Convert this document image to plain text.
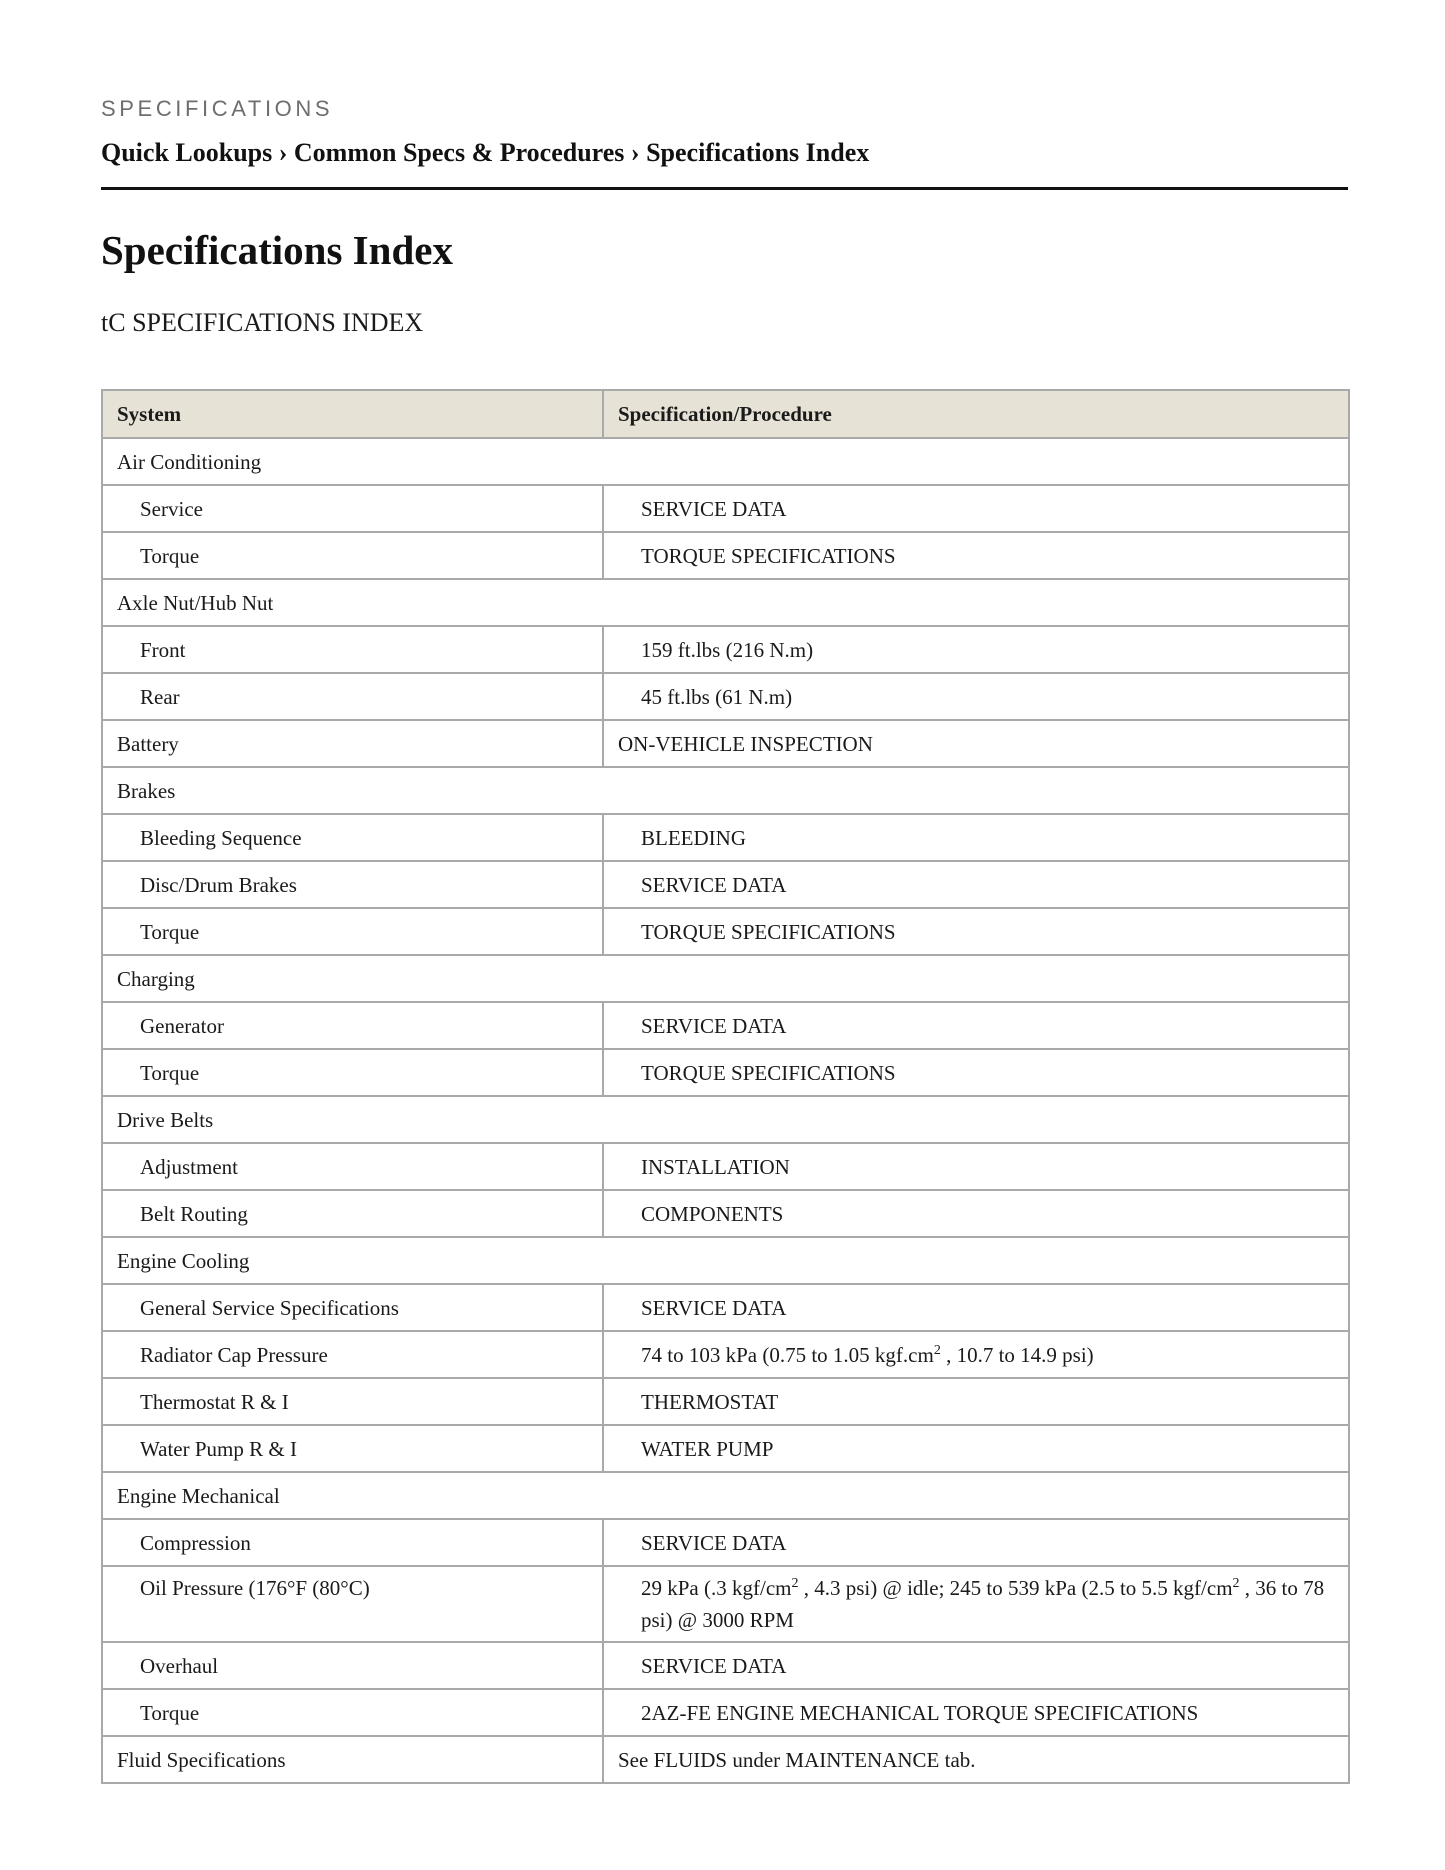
SPECIFICATIONS
Quick Lookups › Common Specs & Procedures › Specifications Index
Specifications Index
tC SPECIFICATIONS INDEX
System	Specification/Procedure
Air Conditioning	
Service	SERVICE DATA
Torque	TORQUE SPECIFICATIONS
Axle Nut/Hub Nut	
Front	159 ft.lbs (216 N.m)
Rear	45 ft.lbs (61 N.m)
Battery	ON-VEHICLE INSPECTION
Brakes	
Bleeding Sequence	BLEEDING
Disc/Drum Brakes	SERVICE DATA
Torque	TORQUE SPECIFICATIONS
Charging	
Generator	SERVICE DATA
Torque	TORQUE SPECIFICATIONS
Drive Belts	
Adjustment	INSTALLATION
Belt Routing	COMPONENTS
Engine Cooling	
General Service Specifications	SERVICE DATA
Radiator Cap Pressure	74 to 103 kPa (0.75 to 1.05 $kgf.cm^2$ , 10.7 to 14.9 psi)
Thermostat R & I	THERMOSTAT
Water Pump R & I	WATER PUMP
Engine Mechanical	
Compression	SERVICE DATA
Oil Pressure (176°F (80°C)	29 kPa (.3 kgf/$cm^2$ , 4.3 psi) @ idle; 245 to 539 kPa (2.5 to 5.5 kgf/$cm^2$ , 36 to 78 psi) @ 3000 RPM
Overhaul	SERVICE DATA
Torque	2AZ-FE ENGINE MECHANICAL TORQUE SPECIFICATIONS
Fluid Specifications	See FLUIDS under MAINTENANCE tab.
